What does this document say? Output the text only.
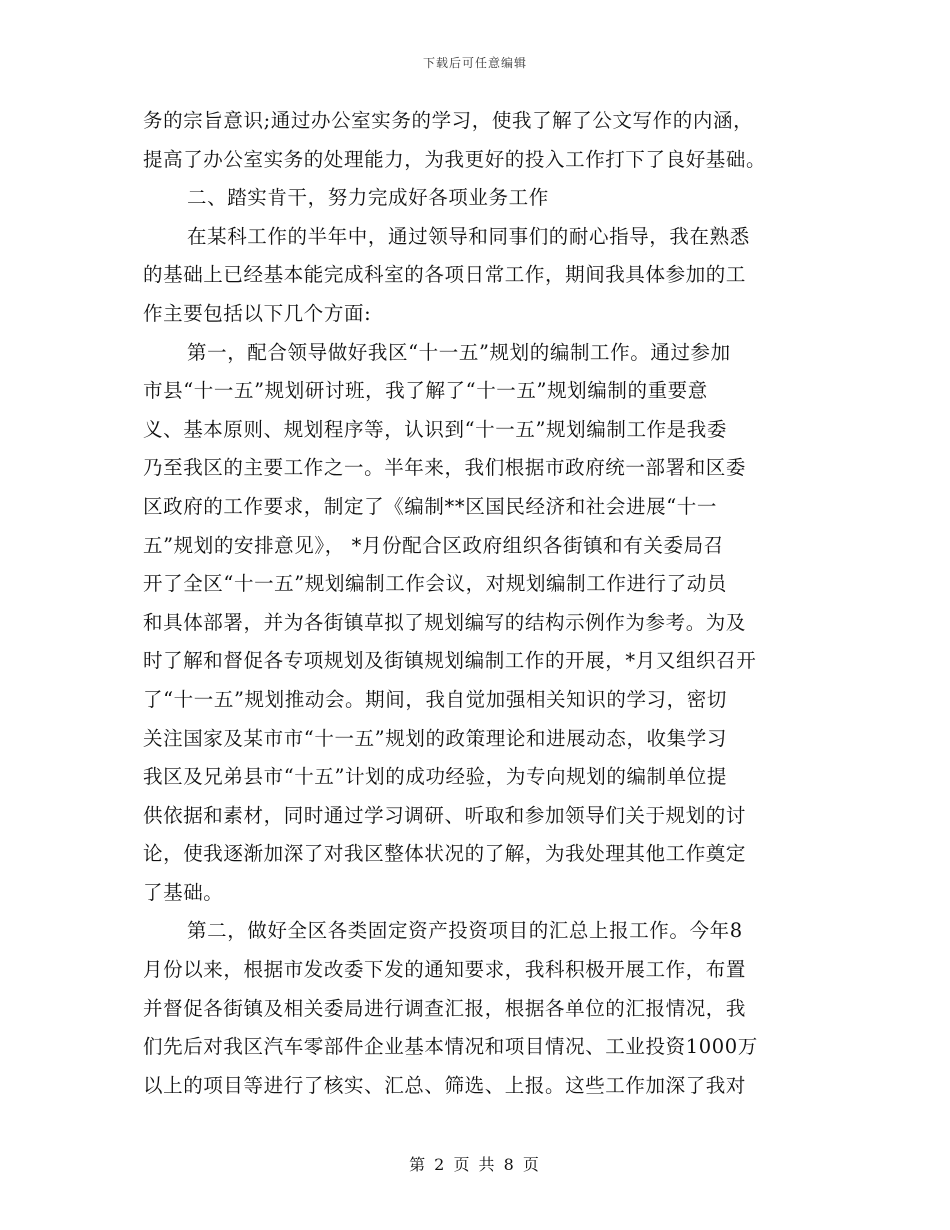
下载后可任意编辑
务的宗旨意识;通过办公室实务的学习，使我了解了公文写作的内涵，
提高了办公室实务的处理能力，为我更好的投入工作打下了良好基础。
二、踏实肯干，努力完成好各项业务工作
在某科工作的半年中，通过领导和同事们的耐心指导，我在熟悉
的基础上已经基本能完成科室的各项日常工作，期间我具体参加的工
作主要包括以下几个方面:
第一，配合领导做好我区“十一五”规划的编制工作。通过参加
市县“十一五”规划研讨班，我了解了“十一五”规划编制的重要意
义、基本原则、规划程序等，认识到“十一五”规划编制工作是我委
乃至我区的主要工作之一。半年来，我们根据市政府统一部署和区委
区政府的工作要求，制定了《编制**区国民经济和社会进展“十一
五”规划的安排意见》， *月份配合区政府组织各街镇和有关委局召
开了全区“十一五”规划编制工作会议，对规划编制工作进行了动员
和具体部署，并为各街镇草拟了规划编写的结构示例作为参考。为及
时了解和督促各专项规划及街镇规划编制工作的开展，*月又组织召开
了“十一五”规划推动会。期间，我自觉加强相关知识的学习，密切
关注国家及某市市“十一五”规划的政策理论和进展动态，收集学习
我区及兄弟县市“十五”计划的成功经验，为专向规划的编制单位提
供依据和素材，同时通过学习调研、听取和参加领导们关于规划的讨
论，使我逐渐加深了对我区整体状况的了解，为我处理其他工作奠定
了基础。
第二，做好全区各类固定资产投资项目的汇总上报工作。今年8
月份以来，根据市发改委下发的通知要求，我科积极开展工作，布置
并督促各街镇及相关委局进行调查汇报，根据各单位的汇报情况，我
们先后对我区汽车零部件企业基本情况和项目情况、工业投资1000万
以上的项目等进行了核实、汇总、筛选、上报。这些工作加深了我对
第 2 页 共 8 页
